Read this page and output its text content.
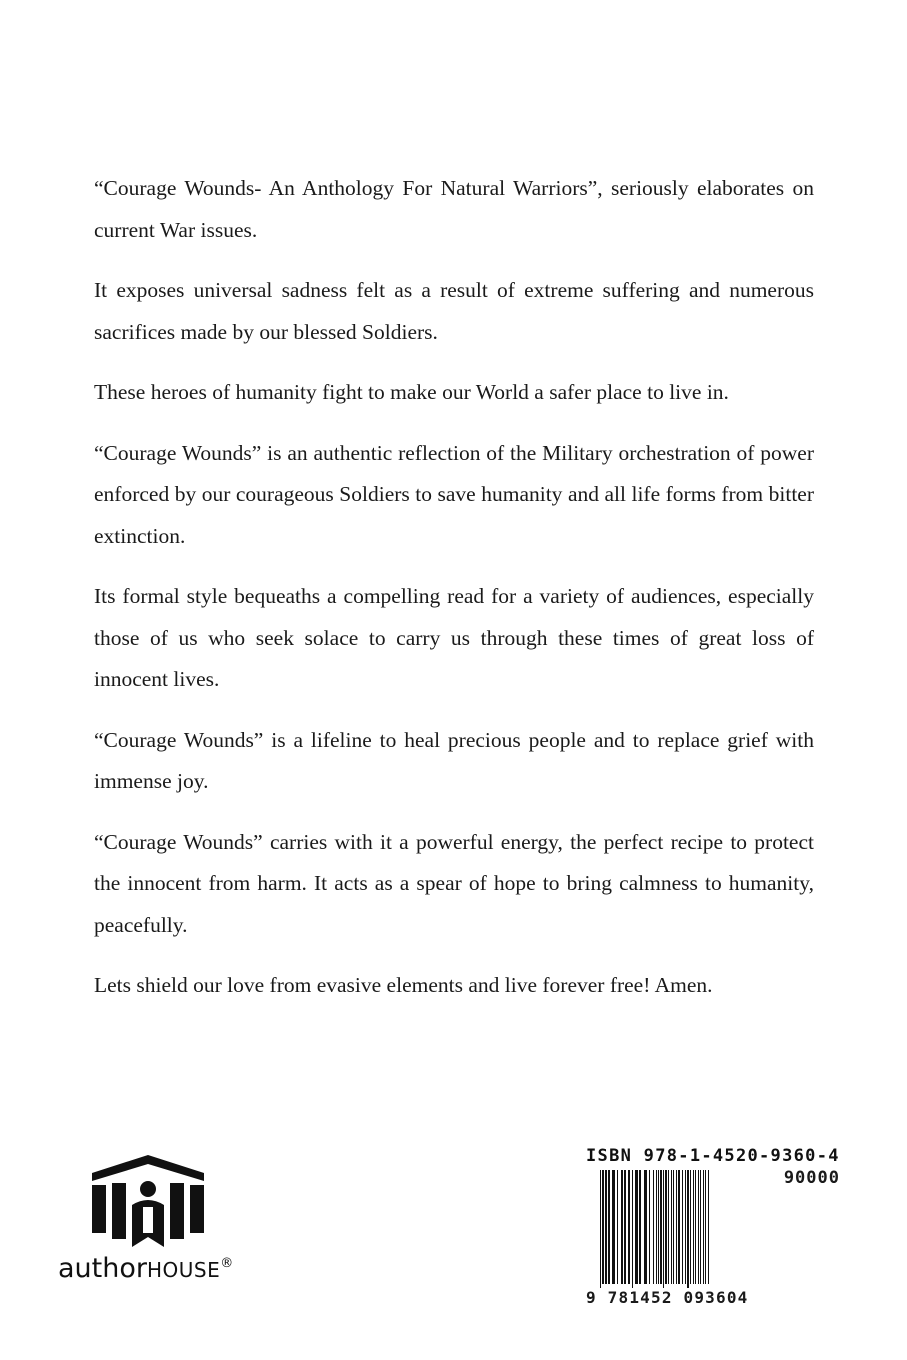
“Courage Wounds- An Anthology For Natural Warriors”, seriously elaborates on current War issues.

It exposes universal sadness felt as a result of extreme suffering and numerous sacrifices made by our blessed Soldiers.

These heroes of humanity fight to make our World a safer place to live in.

“Courage Wounds” is an authentic reflection of the Military orchestration of power enforced by our courageous Soldiers to save humanity and all life forms from bitter extinction.

Its formal style bequeaths a compelling read for a variety of audiences, especially those of us who seek solace to carry us through these times of great loss of innocent lives.

“Courage Wounds” is a lifeline to heal precious people and to replace grief with immense joy.

“Courage Wounds” carries with it a powerful energy, the perfect recipe to protect the innocent from harm. It acts as a spear of hope to bring calmness to humanity, peacefully.

Lets shield our love from evasive elements and live forever free! Amen.

authorHOUSE®
ISBN 978-1-4520-9360-4
90000
9 781452 093604
